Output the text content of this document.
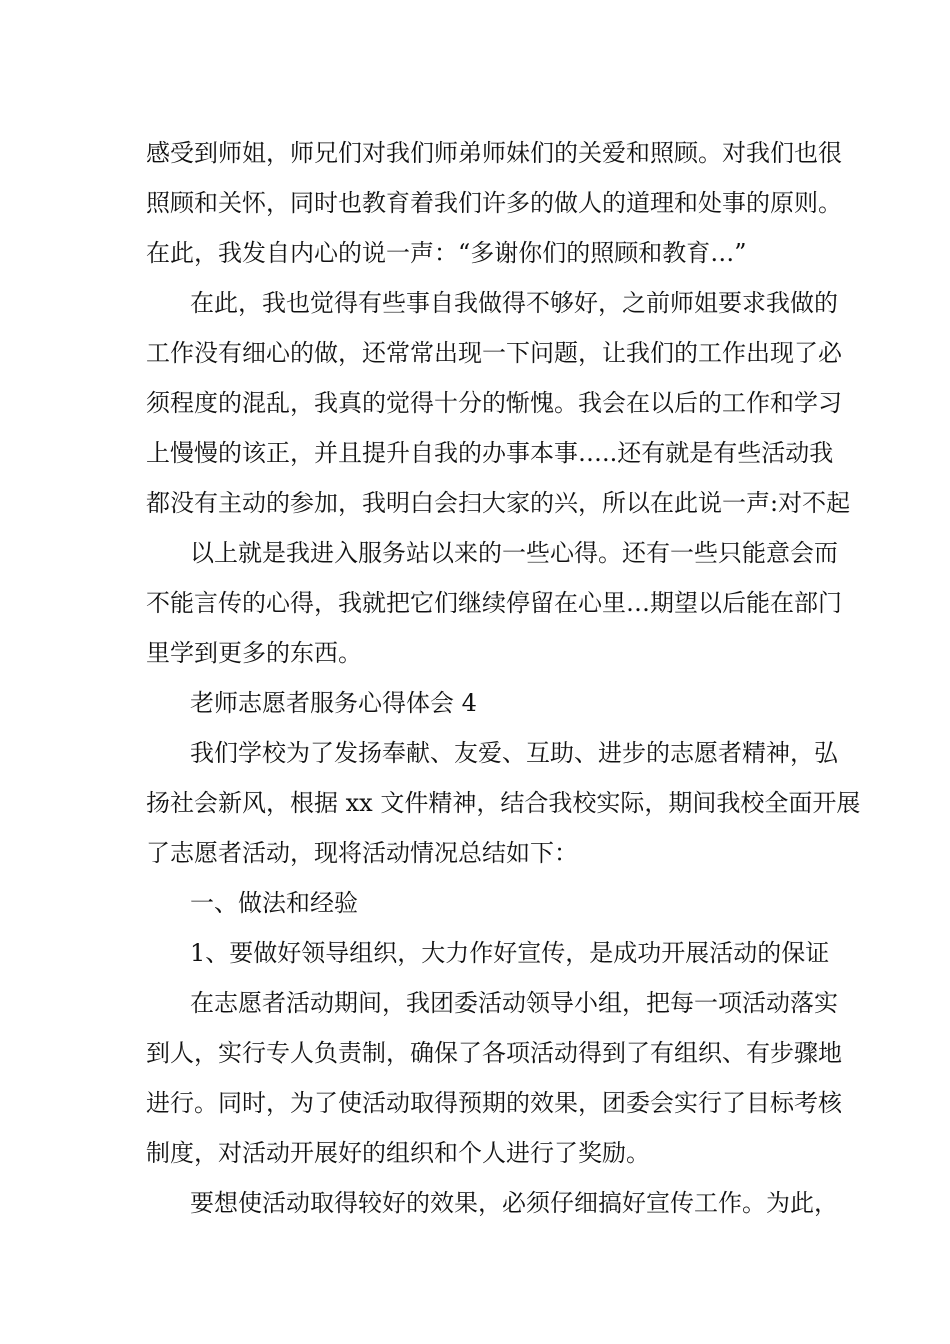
感受到师姐，师兄们对我们师弟师妹们的关爱和照顾。对我们也很
照顾和关怀，同时也教育着我们许多的做人的道理和处事的原则。
在此，我发自内心的说一声：“多谢你们的照顾和教育…”
在此，我也觉得有些事自我做得不够好，之前师姐要求我做的
工作没有细心的做，还常常出现一下问题，让我们的工作出现了必
须程度的混乱，我真的觉得十分的惭愧。我会在以后的工作和学习
上慢慢的该正，并且提升自我的办事本事…..还有就是有些活动我
都没有主动的参加，我明白会扫大家的兴，所以在此说一声:对不起
以上就是我进入服务站以来的一些心得。还有一些只能意会而
不能言传的心得，我就把它们继续停留在心里…期望以后能在部门
里学到更多的东西。
老师志愿者服务心得体会 4
我们学校为了发扬奉献、友爱、互助、进步的志愿者精神，弘
扬社会新风，根据 xx 文件精神，结合我校实际，期间我校全面开展
了志愿者活动，现将活动情况总结如下：
一、做法和经验
1、要做好领导组织，大力作好宣传，是成功开展活动的保证
在志愿者活动期间，我团委活动领导小组，把每一项活动落实
到人，实行专人负责制，确保了各项活动得到了有组织、有步骤地
进行。同时，为了使活动取得预期的效果，团委会实行了目标考核
制度，对活动开展好的组织和个人进行了奖励。
要想使活动取得较好的效果，必须仔细搞好宣传工作。为此，
